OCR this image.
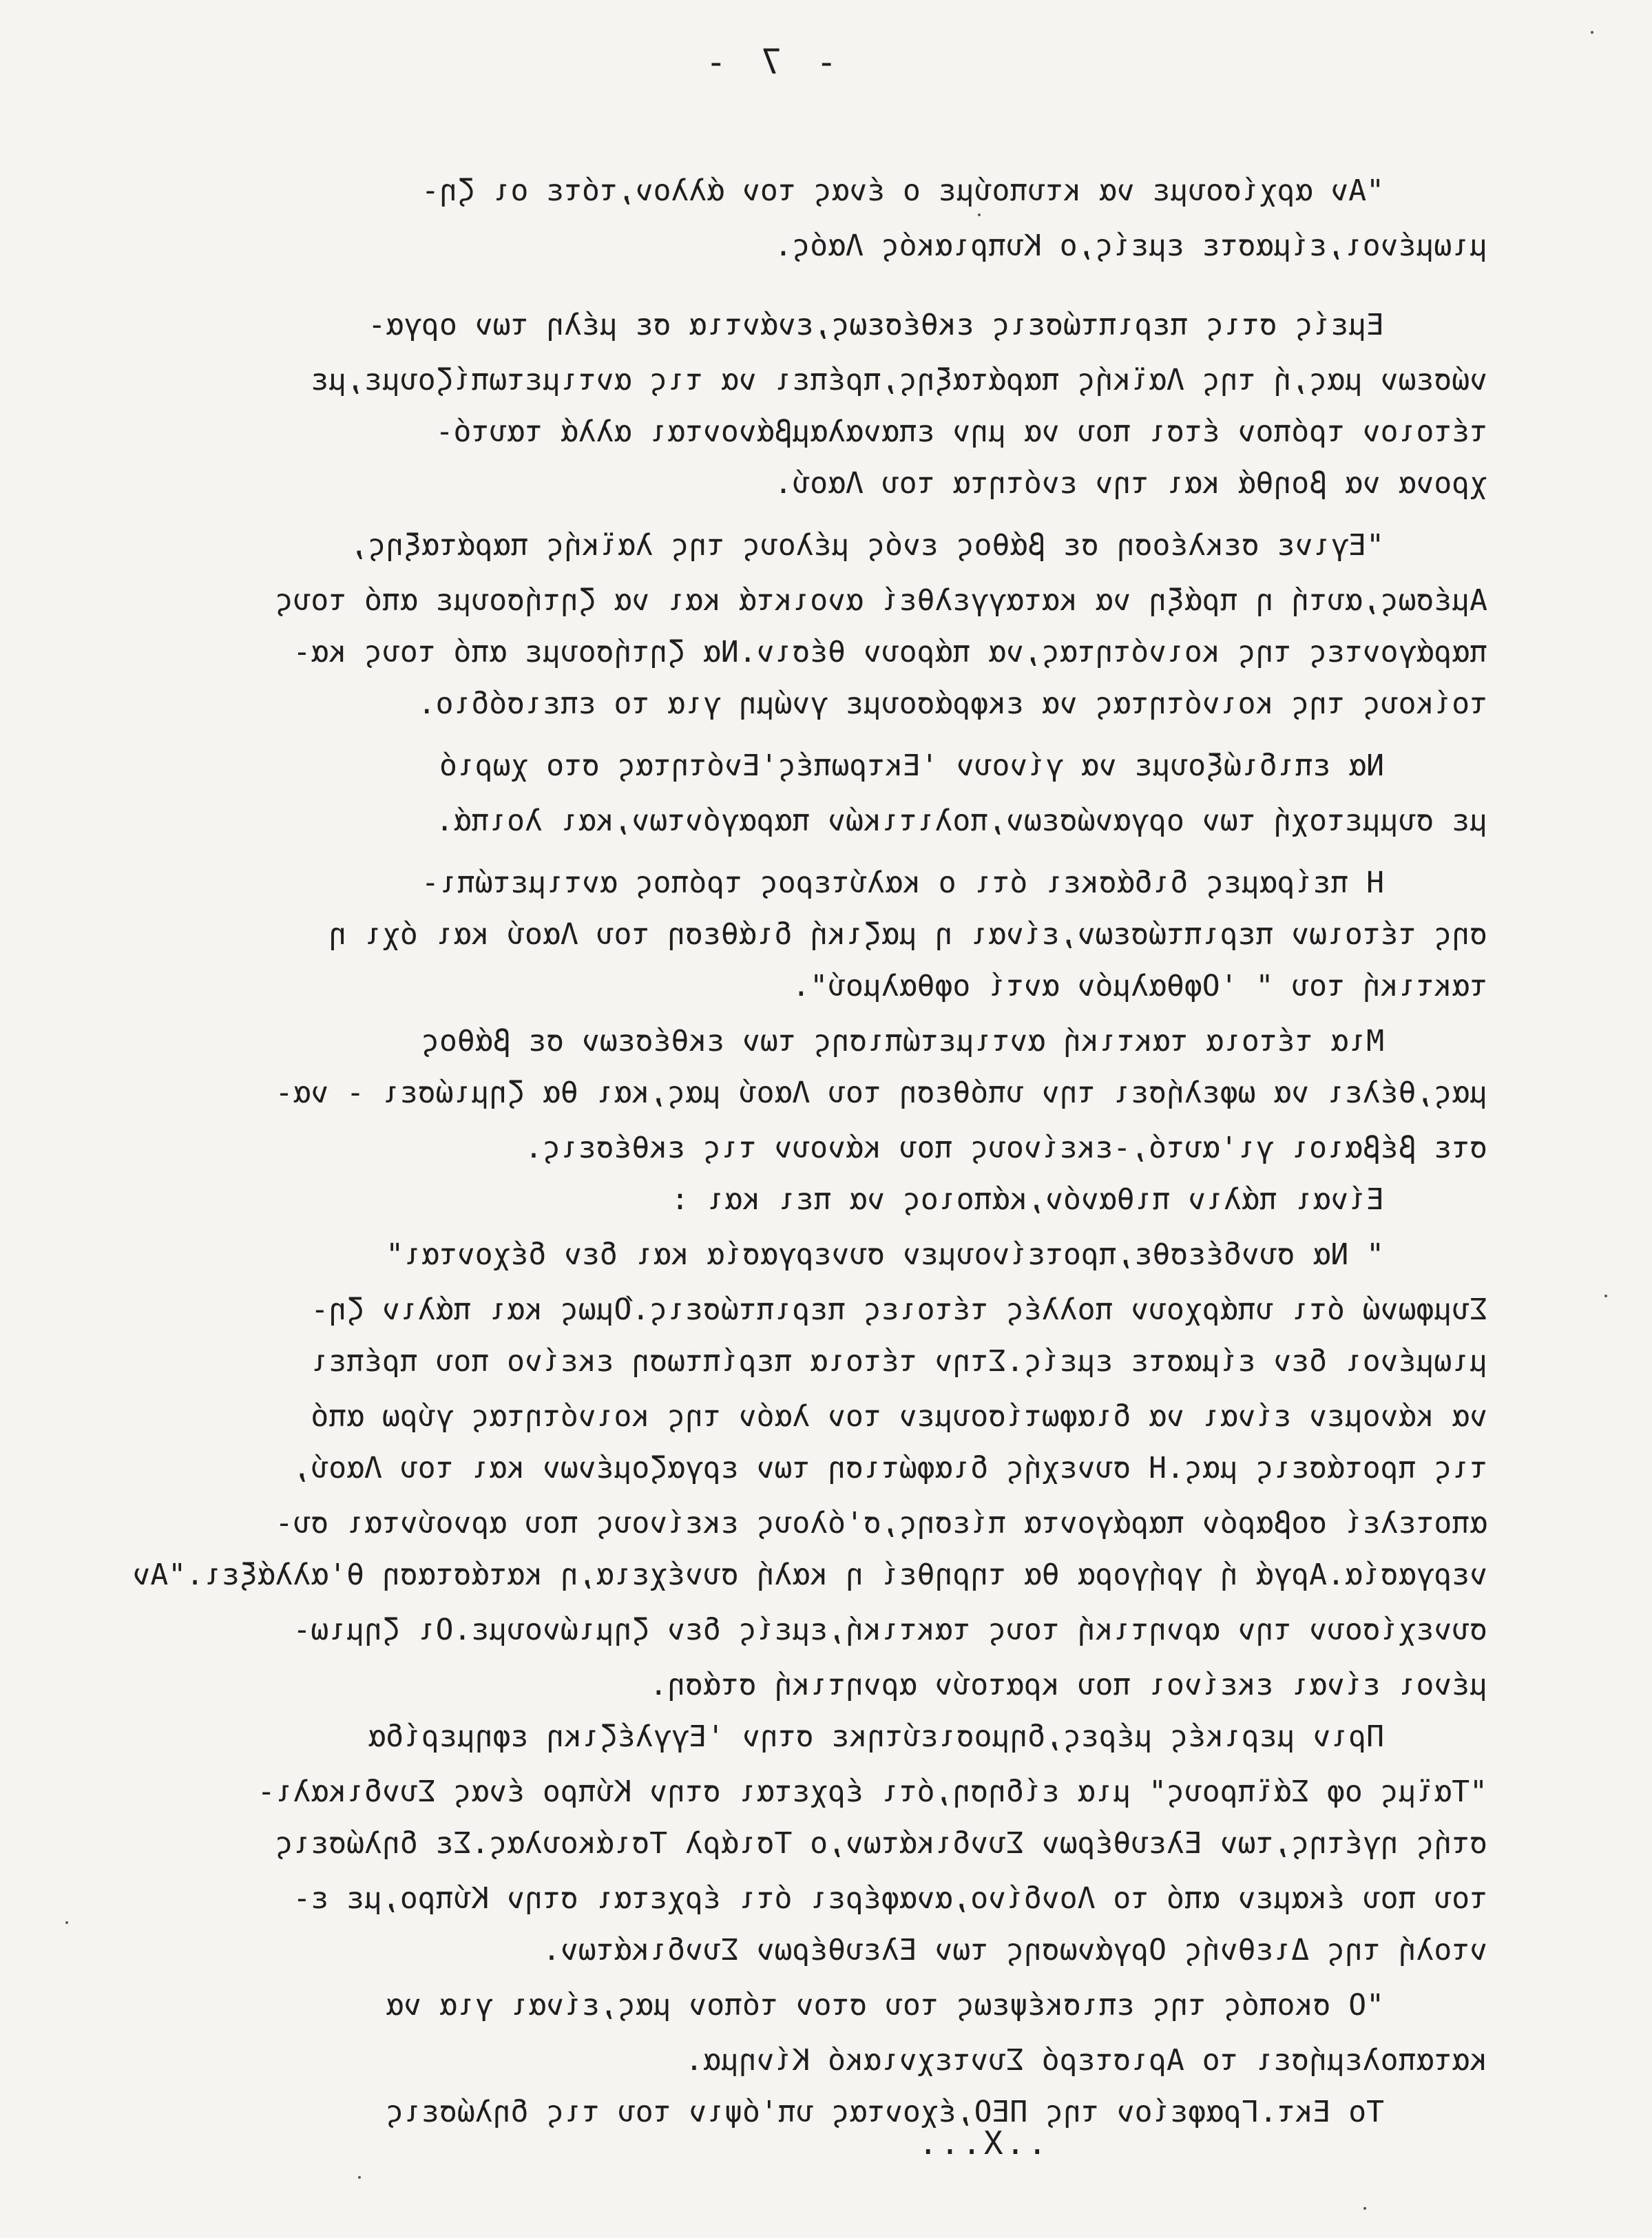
- 7 -
"Αν αρχίσουμε να κτυπούμε ο ένας τον άλλον,τότε οι ζη-
μιωμένοι,είμαστε εμείς,ο Κυπριακός Λαός.
Εμείς στις περιπτώσεις εκθέσεως,ενάντια σε μέλη των οργα-
νώσεων μας,ή της Λαϊκής παράταξης,πρέπει να τις αντιμετωπίζουμε,με
τέτοιον τρόπον έτσι που να μην επαναλαμβάνονται αλλά ταυτό-
χρονα να βοηθά και την ενότητα του Λαού.
"Εγινε σεκλέοση σε βάθος ενός μέλους της λαϊκής παράταξης,
Αμέσως,αυτή η πράξη να καταγγελθεί ανοικτά και να ζητήσουμε από τους
παράγοντες της κοινότητας,να πάρουν θέσιν.Να ζητήσουμε από τους κα-
τοίκους της κοινότητας να εκφράσουμε γνώμη για το επεισόδιο.
Να επιδιώξουμε να γίνουν 'Εκτρωπές'Ενότητας στο χωριό
με συμμετοχή των οργανώσεων,πολιτικών παραγόντων,και λοιπά.
Η πείραμες διδάσκει ότι ο καλύτερος τρόπος αντιμετώπι-
σης τέτοιων περιπτώσεων,είναι η μαζική διάθεση του Λαού και όχι η
τακτική του " 'Οφθαλμόν αντί οφθαλμού".
Μια τέτοια τακτική αντιμετώπισης των εκθέσεων σε βάθος
μας,θέλει να ωφελήσει την υπόθεση του Λαού μας,και θα ζημιώσει - να-
στε βέβαιοι γι'αυτό,-εκείνους που κάνουν τις εκθέσεις.
Είναι πάλιν πιθανόν,κάποιος να πει και :
" Να συνδέεσθε,προτείνουμεν συνεργασία και δεν δέχονται"
Συμφωνώ ότι υπάρχουν πολλές τέτοιες περιπτώσεις.Όμως και πάλιν ζη-
μιωμένοι δεν είμαστε εμείς.Στην τέτοια περίπτωση εκείνο που πρέπει
να κάνομεν είναι να διαφωτίσουμεν τον λαόν της κοινότητας γύρω από
τις προτάσεις μας.Η συνεχής διαφώτιση των εργαζομένων και του Λαού,
αποτελεί σοβαρόν παράγοντα πίεσης,σ'όλους εκείνους που αρνούνται συ-
νεργασία.Αργά ή γρήγορα θα τηρηθεί η καλή συνέχεια,η κατάσταση θ'αλλάξει."Αν
συνεχίσουν την αρνητική τους τακτική,εμείς δεν ζημιώνουμε.Οι ζημιω-
μένοι είναι εκείνοι που κρατούν αρνητική στάση.
Πριν μερικές μέρες,δημοσιεύτηκε στην 'Εγγλέζικη εφημερίδα
"Ταϊμς οφ Σάϊπρους" μια είδηση,ότι έρχεται στην Κύπρο ένας Συνδικαλι-
στής ηγέτης,των Ελευθέρων Συνδικάτων,ο Τσιάρλ Τσιάκουλας.Σε δηλώσεις
του που έκαμεν από το Λονδίνο,αναφέρει ότι έρχεται στην Κύπρο,με ε-
ντολή της Διεθνής Οργάνωσης των Ελευθέρων Συνδικάτων.
"Ο σκοπός της επισκέψεως του στον τόπον μας,είναι για να
καταπολεμήσει το Αριστερό Συντεχνιακό Κίνημα.
Το Εκτ.Γραφείον της ΠΕΟ,έχοντας υπ'όψιν του τις δηλώσεις
..X...
